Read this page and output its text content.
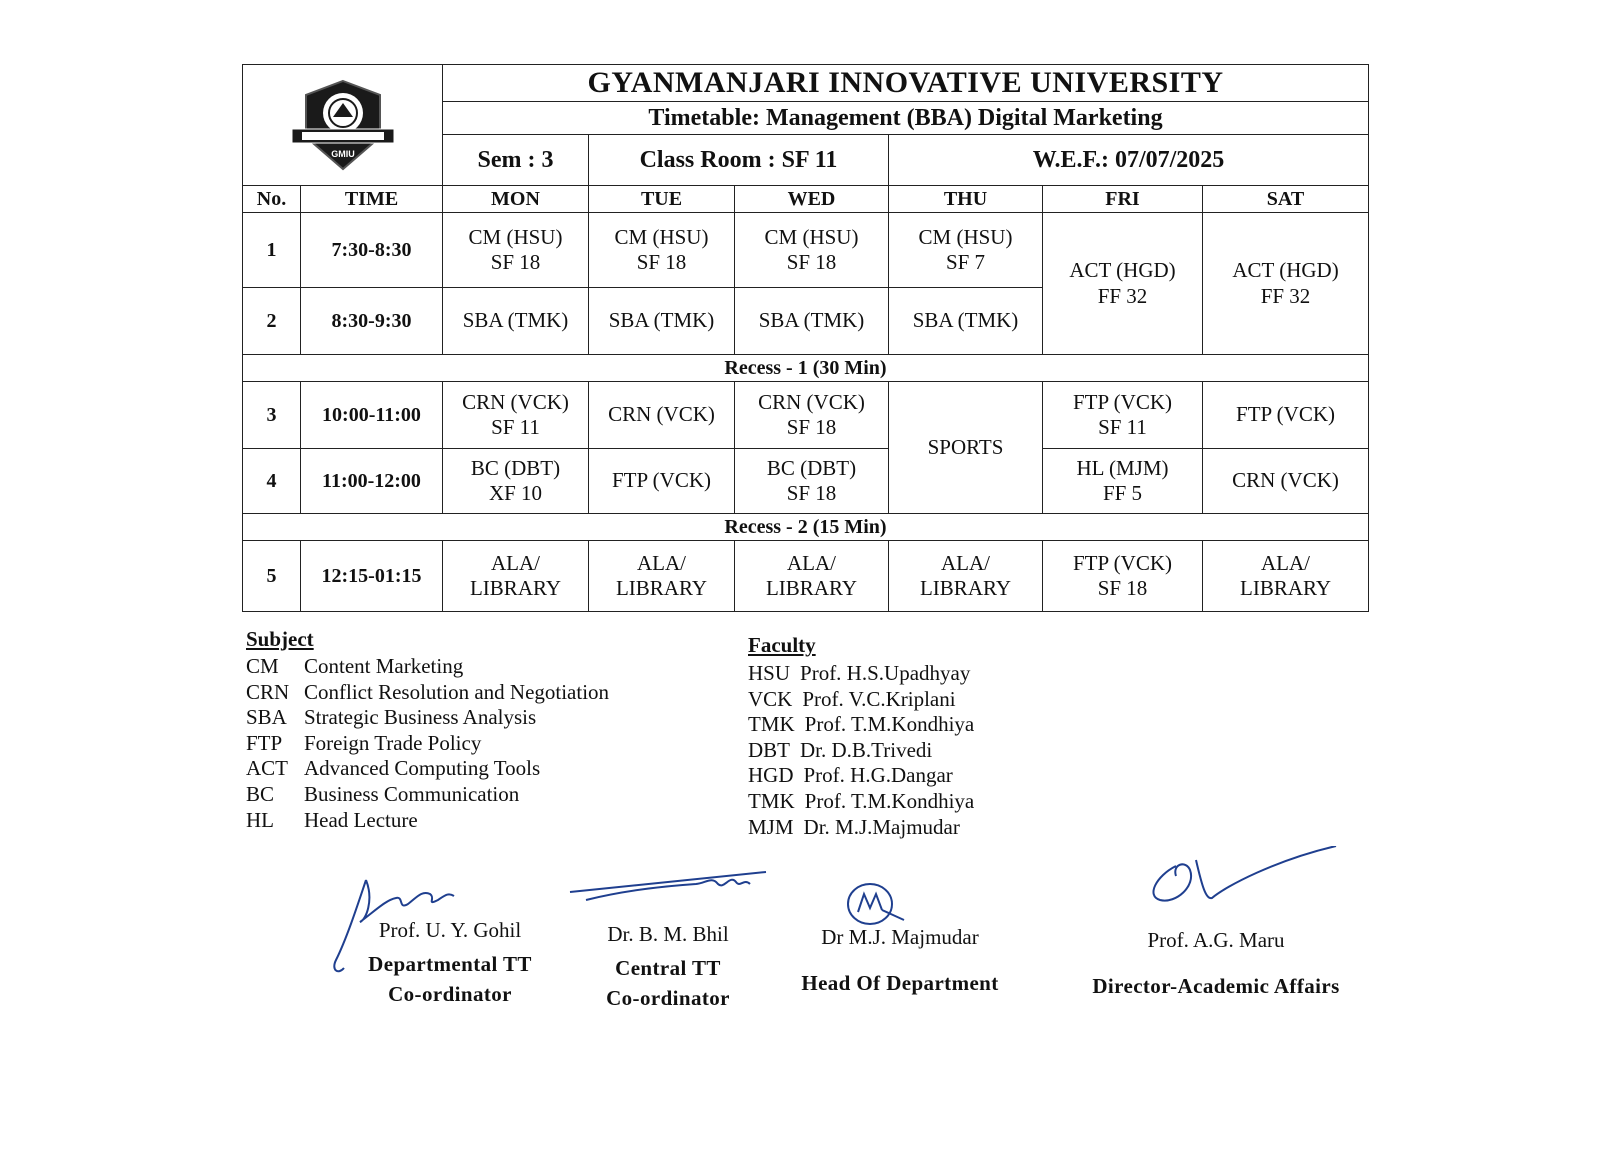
GMIU		GYANMANJARI INNOVATIVE UNIVERSITY					
		Timetable: Management (BBA) Digital Marketing					
		Sem : 3	Class Room : SF 11		W.E.F.: 07/07/2025		
No.	TIME	MON	TUE	WED	THU	FRI	SAT
1	7:30-8:30	CM (HSU)
SF 18	CM (HSU)
SF 18	CM (HSU)
SF 18	CM (HSU)
SF 7	ACT (HGD)
FF 32	ACT (HGD)
FF 32

2	8:30-9:30	SBA (TMK)	SBA (TMK)	SBA (TMK)	SBA (TMK)		

Recess - 1 (30 Min)							
3	10:00-11:00	CRN (VCK)
SF 11	CRN (VCK)	CRN (VCK)
SF 18	SPORTS	FTP (VCK)
SF 11	FTP (VCK)

4	11:00-12:00	BC (DBT)
XF 10	FTP (VCK)	BC (DBT)
SF 18		HL (MJM)
FF 5	CRN (VCK)

Recess - 2 (15 Min)							
5	12:15-01:15	ALA/
LIBRARY	ALA/
LIBRARY	ALA/
LIBRARY	ALA/
LIBRARY	FTP (VCK)
SF 18	ALA/
LIBRARY
Subject
CM Content Marketing
CRN Conflict Resolution and Negotiation
SBA Strategic Business Analysis
FTP Foreign Trade Policy
ACT Advanced Computing Tools
BC Business Communication
HL Head Lecture
Faculty
HSU Prof. H.S.Upadhyay
VCK Prof. V.C.Kriplani
TMK Prof. T.M.Kondhiya
DBT Dr. D.B.Trivedi
HGD Prof. H.G.Dangar
TMK Prof. T.M.Kondhiya
MJM Dr. M.J.Majmudar
Prof. U. Y. Gohil
Departmental TT
Co-ordinator
Dr. B. M. Bhil
Central TT
Co-ordinator
Dr M.J. Majmudar
Head Of Department
Prof. A.G. Maru
Director-Academic Affairs
